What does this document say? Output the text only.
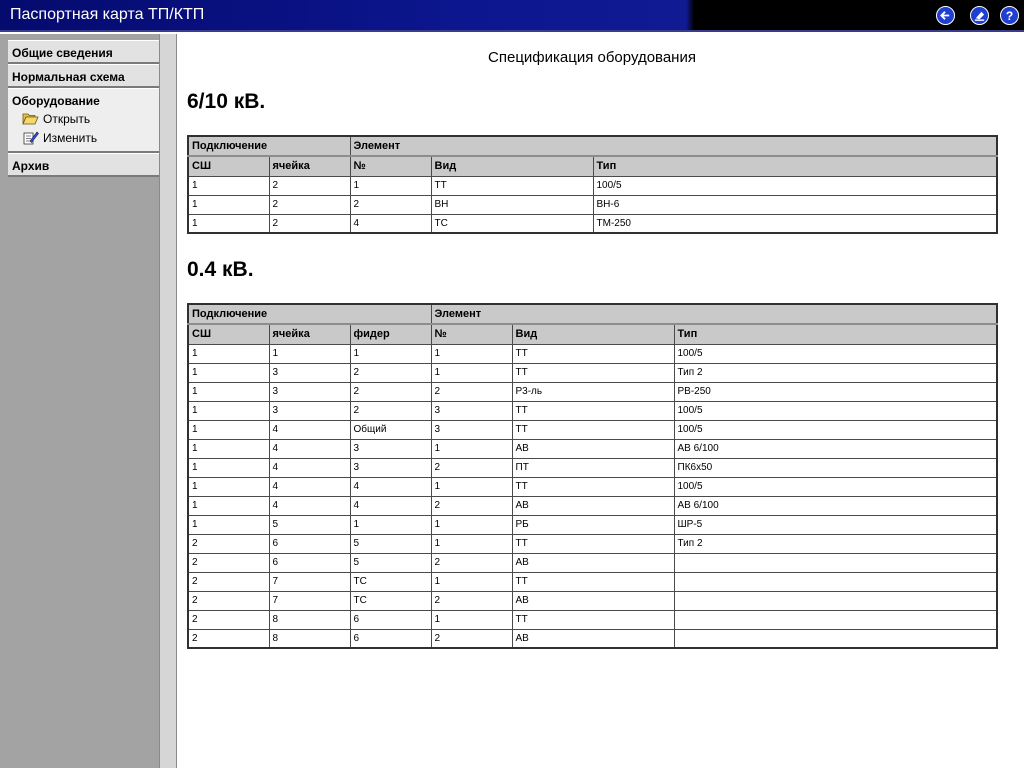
Паспортная карта ТП/КТП	?
Общие сведения
Нормальная схема
Оборудование
Открыть
Изменить
Архив
Спецификация оборудования
6/10 кВ.
Подключение		Элемент		
СШ	ячейка	№	Вид	Тип
1	2	1	ТТ	100/5
1	2	2	ВН	ВН-6
1	2	4	ТС	ТМ-250
0.4 кВ.
Подключение			Элемент		
СШ	ячейка	фидер	№	Вид	Тип
1	1	1	1	ТТ	100/5
1	3	2	1	ТТ	Тип 2
1	3	2	2	Р3-ль	РВ-250
1	3	2	3	ТТ	100/5
1	4	Общий	3	ТТ	100/5
1	4	3	1	АВ	АВ 6/100
1	4	3	2	ПТ	ПК6х50
1	4	4	1	ТТ	100/5
1	4	4	2	АВ	АВ 6/100
1	5	1	1	РБ	ШР-5
2	6	5	1	ТТ	Тип 2
2	6	5	2	АВ	
2	7	ТС	1	ТТ	
2	7	ТС	2	АВ	
2	8	6	1	ТТ	
2	8	6	2	АВ	
